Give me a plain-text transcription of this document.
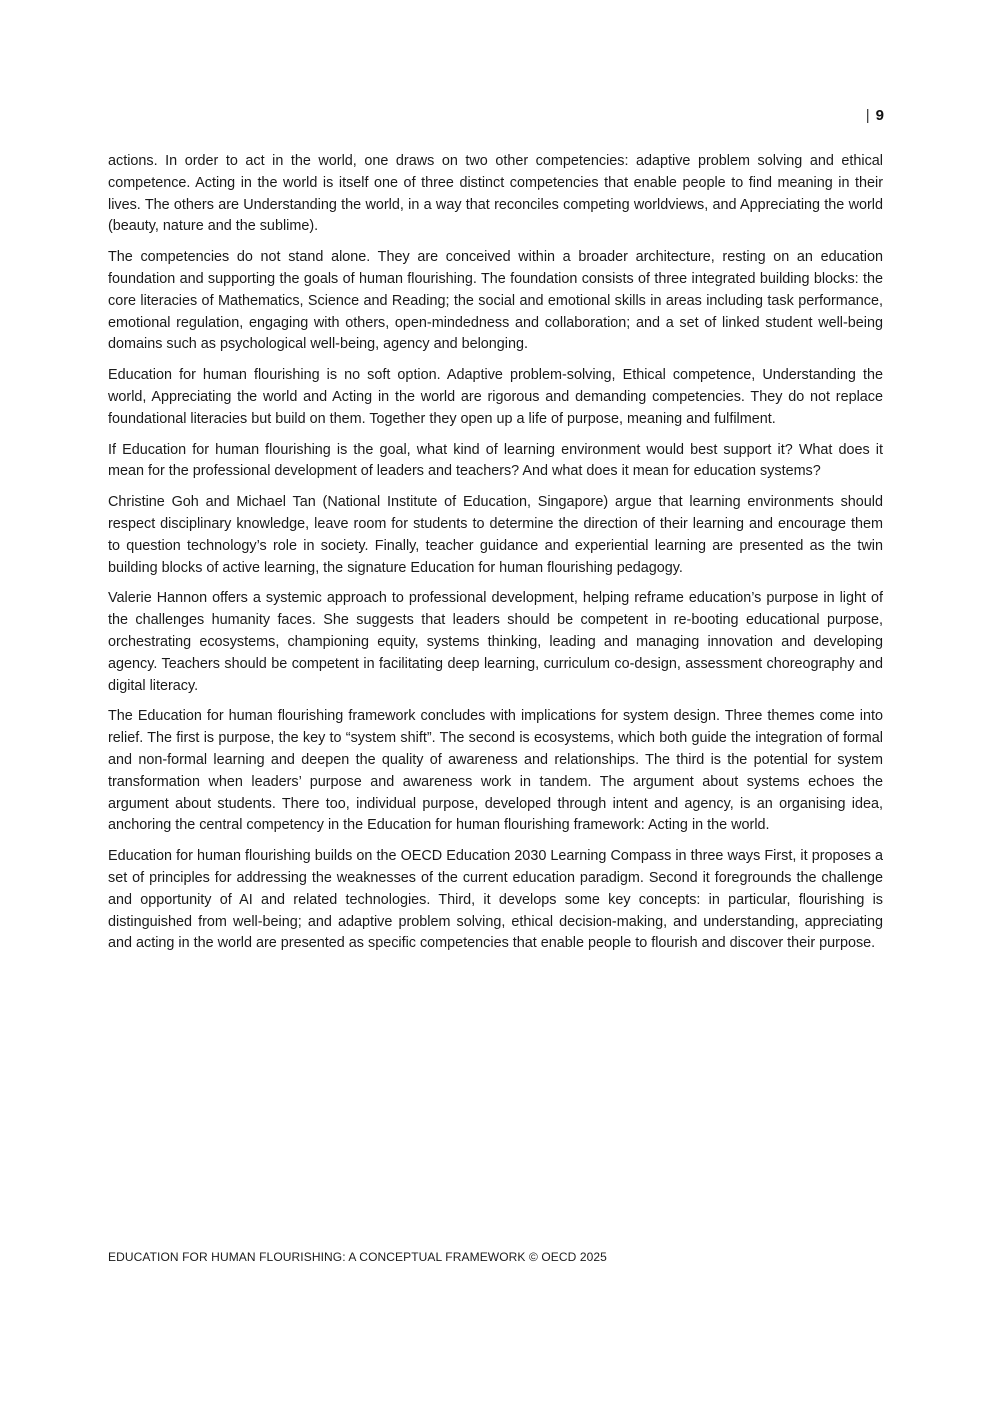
| 9

actions. In order to act in the world, one draws on two other competencies: adaptive problem solving and ethical competence. Acting in the world is itself one of three distinct competencies that enable people to find meaning in their lives. The others are Understanding the world, in a way that reconciles competing worldviews, and Appreciating the world (beauty, nature and the sublime).

The competencies do not stand alone. They are conceived within a broader architecture, resting on an education foundation and supporting the goals of human flourishing. The foundation consists of three integrated building blocks: the core literacies of Mathematics, Science and Reading; the social and emotional skills in areas including task performance, emotional regulation, engaging with others, open-mindedness and collaboration; and a set of linked student well-being domains such as psychological well-being, agency and belonging.

Education for human flourishing is no soft option. Adaptive problem-solving, Ethical competence, Understanding the world, Appreciating the world and Acting in the world are rigorous and demanding competencies. They do not replace foundational literacies but build on them. Together they open up a life of purpose, meaning and fulfilment.

If Education for human flourishing is the goal, what kind of learning environment would best support it? What does it mean for the professional development of leaders and teachers? And what does it mean for education systems?

Christine Goh and Michael Tan (National Institute of Education, Singapore) argue that learning environments should respect disciplinary knowledge, leave room for students to determine the direction of their learning and encourage them to question technology’s role in society. Finally, teacher guidance and experiential learning are presented as the twin building blocks of active learning, the signature Education for human flourishing pedagogy.

Valerie Hannon offers a systemic approach to professional development, helping reframe education’s purpose in light of the challenges humanity faces. She suggests that leaders should be competent in re-booting educational purpose, orchestrating ecosystems, championing equity, systems thinking, leading and managing innovation and developing agency. Teachers should be competent in facilitating deep learning, curriculum co-design, assessment choreography and digital literacy.

The Education for human flourishing framework concludes with implications for system design. Three themes come into relief. The first is purpose, the key to “system shift”. The second is ecosystems, which both guide the integration of formal and non-formal learning and deepen the quality of awareness and relationships. The third is the potential for system transformation when leaders’ purpose and awareness work in tandem. The argument about systems echoes the argument about students. There too, individual purpose, developed through intent and agency, is an organising idea, anchoring the central competency in the Education for human flourishing framework: Acting in the world.

Education for human flourishing builds on the OECD Education 2030 Learning Compass in three ways First, it proposes a set of principles for addressing the weaknesses of the current education paradigm. Second it foregrounds the challenge and opportunity of AI and related technologies. Third, it develops some key concepts: in particular, flourishing is distinguished from well-being; and adaptive problem solving, ethical decision-making, and understanding, appreciating and acting in the world are presented as specific competencies that enable people to flourish and discover their purpose.

EDUCATION FOR HUMAN FLOURISHING: A CONCEPTUAL FRAMEWORK © OECD 2025
